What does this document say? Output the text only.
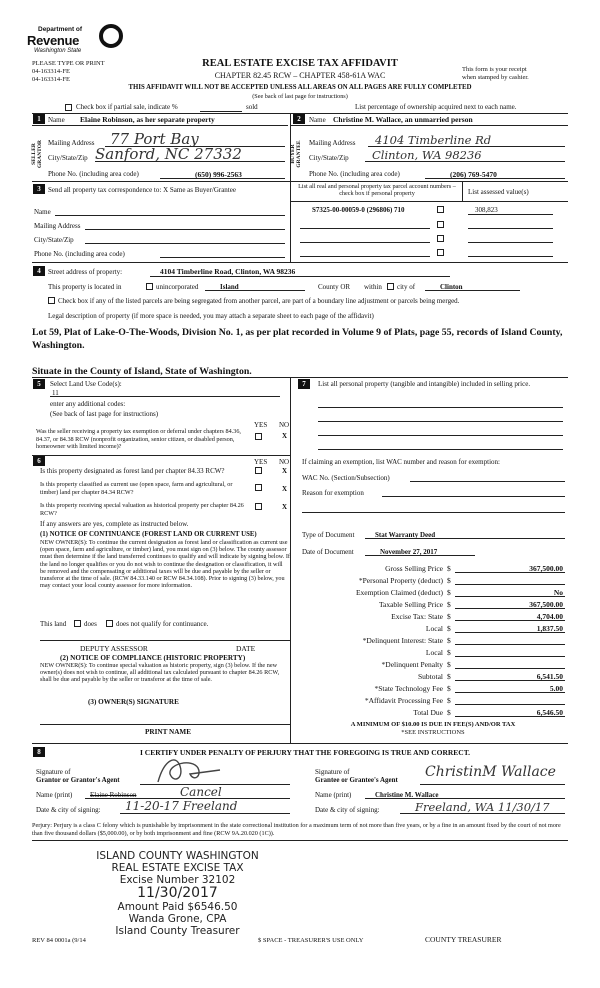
Department of
Revenue
Washington State
PLEASE TYPE OR PRINT
04-163314-FE
04-163314-FE
REAL ESTATE EXCISE TAX AFFIDAVIT
CHAPTER 82.45 RCW – CHAPTER 458-61A WAC
This form is your receipt
when stamped by cashier.
THIS AFFIDAVIT WILL NOT BE ACCEPTED UNLESS ALL AREAS ON ALL PAGES ARE FULLY COMPLETED
(See back of last page for instructions)
Check box if partial sale, indicate %	sold	List percentage of ownership acquired next to each name.
1	Name Elaine Robinson, as her separate property
SELLER GRANTOR Mailing Address 77 Port Bay
City/State/Zip Sanford, NC 27332
Phone No. (including area code)	(650) 996-2563
2	Name Christine M. Wallace, an unmarried person
BUYER GRANTEE Mailing Address 4104 Timberline Rd
City/State/Zip Clinton, WA 98236
Phone No. (including area code)	(206) 769-5470
3	Send all property tax correspondence to: X Same as Buyer/Grantee
Name
Mailing Address
City/State/Zip
Phone No. (including area code)
List all real and personal property tax parcel account numbers – check box if personal property	List assessed value(s)
S7325-00-00059-0 (296806) 710	308,823
4	Street address of property:	4104 Timberline Road, Clinton, WA 98236
This property is located in	unincorporated	Island	County OR within city of	Clinton
Check box if any of the listed parcels are being segregated from another parcel, are part of a boundary line adjustment or parcels being merged.
Legal description of property (if more space is needed, you may attach a separate sheet to each page of the affidavit)
Lot 59, Plat of Lake-O-The-Woods, Division No. 1, as per plat recorded in Volume 9 of Plats, page 55, records of Island County, Washington.
Situate in the County of Island, State of Washington.
5	Select Land Use Code(s):
11
enter any additional codes:
(See back of last page for instructions)
YES NO
Was the seller receiving a property tax exemption or deferral under chapters 84.36, 84.37, or 84.38 RCW (nonprofit organization, senior citizen, or disabled person, homeowner with limited income)?
X
6	YES NO
Is this property designated as forest land per chapter 84.33 RCW?	X
Is this property classified as current use (open space, farm and agricultural, or timber) land per chapter 84.34 RCW?	X
Is this property receiving special valuation as historical property per chapter 84.26 RCW?
X
If any answers are yes, complete as instructed below.
(1) NOTICE OF CONTINUANCE (FOREST LAND OR CURRENT USE)
NEW OWNER(S): To continue the current designation as forest land or classification as current use (open space, farm and agriculture, or timber) land, you must sign on (3) below. The county assessor must then determine if the land transferred continues to qualify and will indicate by signing below. If the land no longer qualifies or you do not wish to continue the designation or classification, it will be removed and the compensating or additional taxes will be due and payable by the seller or transferor at the time of sale. (RCW 84.33.140 or RCW 84.34.108). Prior to signing (3) below, you may contact your local county assessor for more information.
This land	does	does not qualify for continuance.
DEPUTY ASSESSOR	DATE
(2) NOTICE OF COMPLIANCE (HISTORIC PROPERTY)
NEW OWNER(S): To continue special valuation as historic property, sign (3) below. If the new owner(s) does not wish to continue, all additional tax calculated pursuant to chapter 84.26 RCW, shall be due and payable by the seller or transferor at the time of sale.
(3) OWNER(S) SIGNATURE
PRINT NAME
7	List all personal property (tangible and intangible) included in selling price.
If claiming an exemption, list WAC number and reason for exemption:
WAC No. (Section/Subsection)
Reason for exemption
Type of Document	Stat Warranty Deed
Date of Document	November 27, 2017
Gross Selling Price $	367,500.00
*Personal Property (deduct) $
Exemption Claimed (deduct) $	No
Taxable Selling Price $	367,500.00
Excise Tax: State $	4,704.00
Local $	1,837.50
*Delinquent Interest: State $
Local $
*Delinquent Penalty $
Subtotal $	6,541.50
*State Technology Fee $	5.00
*Affidavit Processing Fee $
Total Due $	6,546.50
A MINIMUM OF $10.00 IS DUE IN FEE(S) AND/OR TAX
*SEE INSTRUCTIONS
8	I CERTIFY UNDER PENALTY OF PERJURY THAT THE FOREGOING IS TRUE AND CORRECT.
Signature of
Grantor or Grantor's Agent
Name (print)	Elaine Robinson	Cancel
Date & city of signing: 11-20-17 Freeland
Signature of
Grantee or Grantee's Agent ChristinM Wallace
Name (print)	Christine M. Wallace
Date & city of signing:	Freeland, WA 11/30/17
Perjury: Perjury is a class C felony which is punishable by imprisonment in the state correctional institution for a maximum term of not more than five years, or by a fine in an amount fixed by the court of not more than five thousand dollars ($5,000.00), or by both imprisonment and fine (RCW 9A.20.020 (1C)).
ISLAND COUNTY WASHINGTON
REAL ESTATE EXCISE TAX
Excise Number 32102
11/30/2017
Amount Paid $6546.50
Wanda Grone, CPA
Island County Treasurer
REV 84 0001a (9/14	$ SPACE - TREASURER'S USE ONLY	COUNTY TREASURER
